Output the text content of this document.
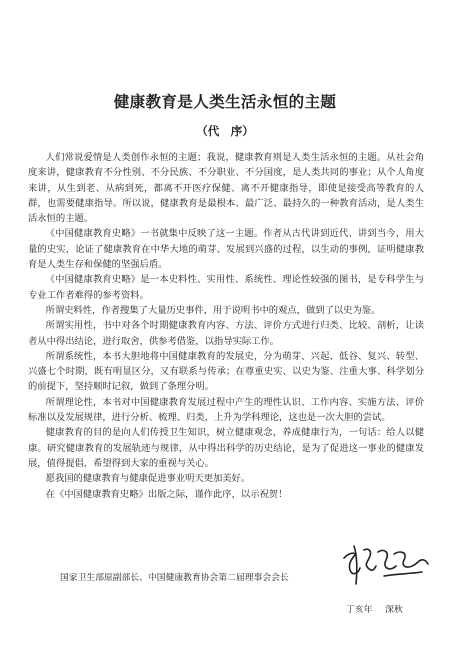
健康教育是人类生活永恒的主题
（代　序）

人们常说爱情是人类创作永恒的主题；我说，健康教育则是人类生活永恒的主题。从社会角度来讲，健康教育不分性别、不分民族、不分职业、不分国度，是人类共同的事业；从个人角度来讲，从生到老、从病到死，都离不开医疗保健、离不开健康指导，即使是接受高等教育的人群，也需要健康指导。所以说，健康教育是最根本、最广泛、最持久的一种教育活动，是人类生活永恒的主题。

《中国健康教育史略》一书就集中反映了这一主题。作者从古代讲到近代、讲到当今，用大量的史实，论证了健康教育在中华大地的萌芽、发展到兴盛的过程，以生动的事例，证明健康教育是人类生存和保健的坚强后盾。

《中国健康教育史略》是一本史料性、实用性、系统性、理论性较强的图书，是专科学生与专业工作者难得的参考资料。

所谓史料性，作者搜集了大量历史事件，用于说明书中的观点，做到了以史为鉴。

所谓实用性，书中对各个时期健康教育内容、方法、评价方式进行归类、比较、剖析，让读者从中得出结论，进行取舍，供参考借鉴，以指导实际工作。

所谓系统性，本书大胆地将中国健康教育的发展史，分为萌芽、兴起、低谷、复兴、转型、兴盛七个时期，既有明显区分，又有联系与传承；在尊重史实、以史为鉴、注重大事、科学划分的前提下，坚持顺时记叙，做到了条理分明。

所谓理论性，本书对中国健康教育发展过程中产生的理性认识、工作内容、实施方法、评价标准以及发展规律，进行分析、梳理、归类，上升为学科理论，这也是一次大胆的尝试。

健康教育的目的是向人们传授卫生知识，树立健康观念，养成健康行为，一句话：给人以健康。研究健康教育的发展轨迹与规律，从中得出科学的历史结论，是为了促进这一事业的健康发展，值得提倡，希望得到大家的重视与关心。

愿我国的健康教育与健康促进事业明天更加美好。

在《中国健康教育史略》出版之际，谨作此序，以示祝贺！

国家卫生部原副部长、中国健康教育协会第二届理事会会长
丁亥年 深秋
